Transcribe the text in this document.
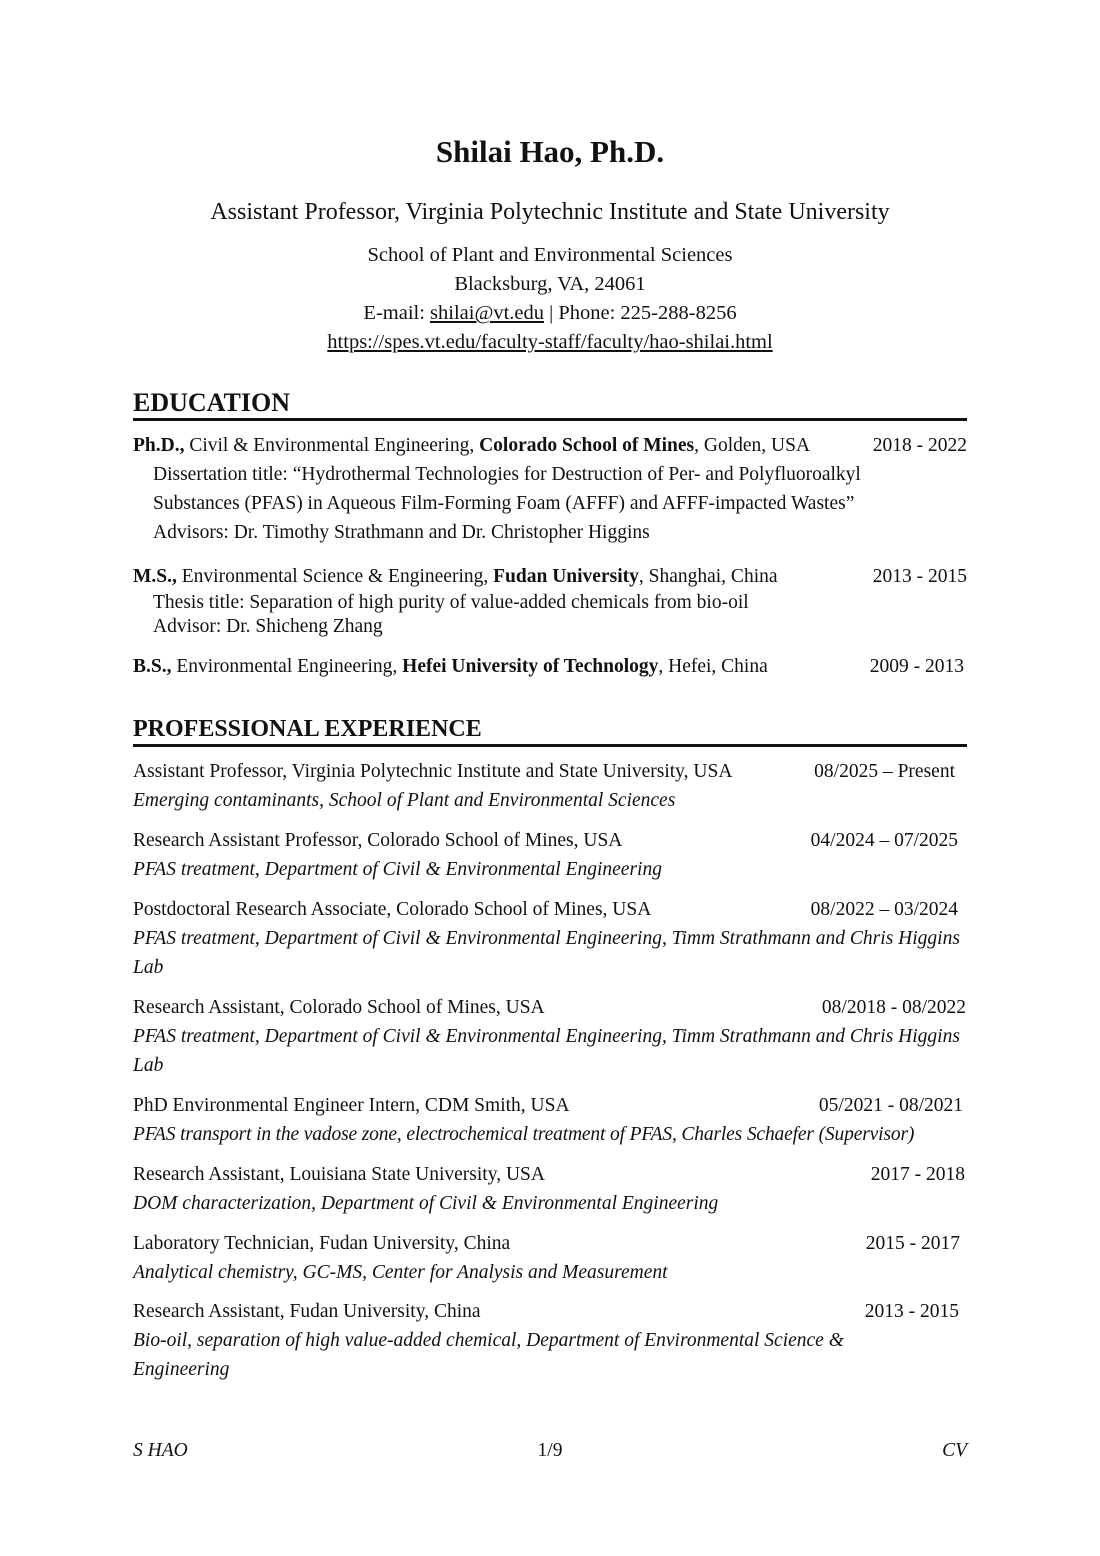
Shilai Hao, Ph.D.
Assistant Professor, Virginia Polytechnic Institute and State University
School of Plant and Environmental Sciences
Blacksburg, VA, 24061
E-mail: shilai@vt.edu | Phone: 225-288-8256
https://spes.vt.edu/faculty-staff/faculty/hao-shilai.html
EDUCATION
Ph.D., Civil & Environmental Engineering, Colorado School of Mines, Golden, USA	2018 - 2022
Dissertation title: “Hydrothermal Technologies for Destruction of Per- and Polyfluoroalkyl
Substances (PFAS) in Aqueous Film-Forming Foam (AFFF) and AFFF-impacted Wastes”
Advisors: Dr. Timothy Strathmann and Dr. Christopher Higgins
M.S., Environmental Science & Engineering, Fudan University, Shanghai, China	2013 - 2015
Thesis title: Separation of high purity of value-added chemicals from bio-oil
Advisor: Dr. Shicheng Zhang
B.S., Environmental Engineering, Hefei University of Technology, Hefei, China	2009 - 2013
PROFESSIONAL EXPERIENCE
Assistant Professor, Virginia Polytechnic Institute and State University, USA	08/2025 – Present
Emerging contaminants, School of Plant and Environmental Sciences
Research Assistant Professor, Colorado School of Mines, USA	04/2024 – 07/2025
PFAS treatment, Department of Civil & Environmental Engineering
Postdoctoral Research Associate, Colorado School of Mines, USA	08/2022 – 03/2024
PFAS treatment, Department of Civil & Environmental Engineering, Timm Strathmann and Chris Higgins Lab
Research Assistant, Colorado School of Mines, USA	08/2018 - 08/2022
PFAS treatment, Department of Civil & Environmental Engineering, Timm Strathmann and Chris Higgins Lab
PhD Environmental Engineer Intern, CDM Smith, USA	05/2021 - 08/2021
PFAS transport in the vadose zone, electrochemical treatment of PFAS, Charles Schaefer (Supervisor)
Research Assistant, Louisiana State University, USA	2017 - 2018
DOM characterization, Department of Civil & Environmental Engineering
Laboratory Technician, Fudan University, China	2015 - 2017
Analytical chemistry, GC-MS, Center for Analysis and Measurement
Research Assistant, Fudan University, China	2013 - 2015
Bio-oil, separation of high value-added chemical, Department of Environmental Science & Engineering
S HAO	1/9	CV
